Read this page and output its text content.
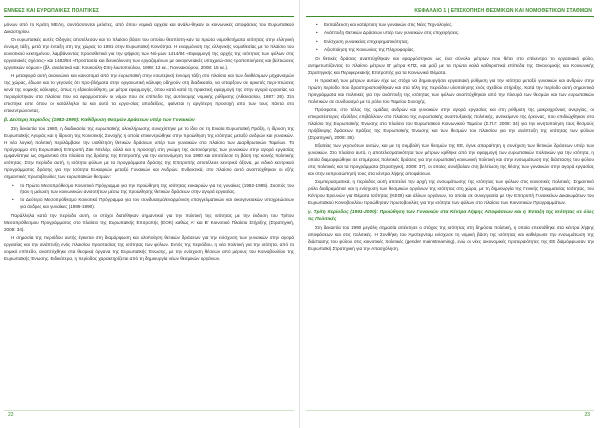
ΕΝΝΕΕΣ ΚΑΙ ΕΥΡΩΠΑΪΚΕΣ ΠΟΛΙΤΙΚΕΣ

μόνων από το Κράτη ΜΕΛη, συντάσσονται μελέτες, από όπου νομικά αρχεία και ανάλυ-θηκαν οι κοινωνικές αποφάσεις του Ευρωπαϊκού Δικαστηρίου.

Οι ευρωπαϊκές αυτές Οδηγίες αποτέλεσαν και το πλαίσιο βάσει του οποίου θεσπίστη-καν τα πρώτα νομοθετήματα ισότητας στην ελληνική έννομη τάξη, μετά την ένταξη στη της χώρας το 1981 στην Ευρωπαϊκή Κοινότητα. Η εναρμόνιση της ελληνικής νομοθεσίας με το πλαίσιο του κοινοτικού κεκτημένου, λαμβάνοντας προσοθετικά για την ψήφιση των Νό-μων 1414/84 «Εφαρμογή της αρχής της ισότητας των φύλων στις εργασιακές σχέσεις» και 1483/84 «Προστασία και διευκόλυνση των εργαζομένων με οικογενειακές υποχρεώ-σεις-τροποποιήσεις και βελτιώσεις εργατικών νόμων» (βλ. αναλυτικά και: Κουκούλη-Σπη-λιωτοπούλου, 1998: 13 κε., Γιαννακούρου, 2008: 15 κε.).

Η μεταφορά αυτή ανανεώνει και καινοτομεί από την ευρωπαϊκή στην εσωτερική έννομη τάξη στο πλαίσιο και των διαθέσιμων μηχανισμών της χώρας, έδωσε και το γεγονός ότι προ-βλήματα στην οργανωτική κάλυψη οδηγούν στη διαδικασία, να υπαρξουν σε αρκετές περι-πτώσεις κενά της νομικής κάλυψης, όπως η εξακολούθηση, με μέτρα εφαρμογής, όπου κατά κατά τη πρακτική εφαρμογή της στην αγορά εργασίας να περιορίστηκαν στα πλαίσια που να εφαρμοστούν οι νόμοι που σε επίπεδο της αυτόνομης νομικής ρύθμισης (Αθανασίου, 1987: 26). Στο επιστηκε ειπε όπου οι κατάλληλοι τα και αυτό τα εργα-σίας αποδείξεις, φαίνεται η αργότερη προσοχή απο των τους πάντα στο επικεντρώνοντας.

β. Δεύτερη περίοδος (1982-1990): Καθίδρυση Θεσμών Δράσεων υπέρ των Γυναικών

Στη δεκαετία του 1980, η διαδικασία της ευρωπαϊκής ολοκλήρωσης συνεχίστηκε με το ίδιο σε τη Ενιαία Ευρωπαϊκή Πράξη, η ίδρυση της Ευρωπαϊκής Αγοράς και η ίδρυση της Κοινοτικής Συνοχής η οποία επικεντρώθηκε στην προώθηση της ισότητας μεταξύ ανδρών και γυναικών. Η νέα λογική πολιτική περιλάμβανε την υιοθέτηση θετικών δράσεων υπέρ των γυναικών στο πλαίσιο των Διαρθρωτικών Ταμείων. Το πρόγραμμα στη Ευρωπαϊκή Επιτροπή Ζακ Ντελόρ, αλλά και η προσοχή στη γνώμη της αυτονόμησης των γυναικών στην αγορά εργασίας εμφανίστηκε ως σημαντικό στο πλαίσιο της δράσης της Επιτροπής για την αυτονόμηση του 1980 και αποτέλεσε τη βάση της κοινής πολιτικής ισότητας. Στην περίοδο αυτή, η ισότητα φύλων με τα προγράμματα δράσης της Επιτροπής αποτέλεσε κεντρικό άξονα, με ειδικό κεντρικού προγράμματος δράσης για την Ισότητα Ευκαιριών μεταξύ Γυναικών και Ανδρών. Ενδεικτικά, στο πλαίσιο αυτό αναπτύχθηκαν οι εξής σημαντικές πρωτοβουλίες των ευρωπαϊκών θεσμών:

• το Πρώτο Μεσοπρόθεσμο Κοινοτικό Πρόγραμμα για την προώθηση της ισότητας ευκαιριών για τις γυναίκες (1982-1985). Σκοπός του ήταν η μείωση των κοινωνικών ανισοτήτων μέσω της προώθησης θετικών δράσεων στην αγορά εργασίας.
• το Δεύτερο Μεσοπρόθεσμο Κοινοτικό Πρόγραμμα για τον συνδυασμό/εναρμόνιση επαγγελματικών και οικογενειακών υποχρεώσεων για άνδρες και γυναίκες (1986-1990).

Παράλληλα κατά την περίοδο αυτή, οι στόχοι διατέθηκαν σημαντικοί για την πολιτική της ισότητας με την έκδοση του Τρίτου Μεσοπρόθεσμου Προγράμματος στο πλαίσιο της Ευρωπαϊκής Επιτροπής (ΕΟΚ) καθώς Α' και Β' Κοινοτικό Πλαίσιο Στήριξης (Στρατηγική, 2008: 34).

Η σημασία της περιόδου αυτής έγκειται στη διαμόρφωση και υλοποίηση θετικών δράσεων για την ενίσχυση των γυναικών στην αγορά εργασίας και την ανάπτυξη ενός πλαισίου προστασίας της ισότητας των φύλων. Εντός της περιόδου, η νέα πολιτική για την ισότητα, από το νομικό επίπεδο, αναπτύχθηκε στα θεσμικά όργανα της Ευρωπαϊκής Ένωσης, με την ενίσχυση θέσεων από μέρους του Κοινοβουλίου της Ευρωπαϊκής Ένωσης. Ειδικότερα, η περίοδος χαρακτηρίζεται από τη δημιουργία νέων θεσμικών οργάνων.

22
ΚΕΦΑΛΑΙΟ 1 | ΕΠΙΣΚΟΠΗΣΗ ΘΕΣΜΙΚΩΝ ΚΑΙ ΝΟΜΟΘΕΤΙΚΩΝ ΣΤΑΘΜΩΝ
• Εκπαίδευση και κατάρτιση των γυναικών στις Νέες Τεχνολογίες.
• Ανάπτυξη Θετικών Δράσεων υπέρ των γυναικών στις επιχειρήσεις.
• Ενίσχυση γυναικείας επιχειρηματικότητας.
• Αξιοποίηση της Κοινωνίας της Πληροφορίας.

Οι θετικές δράσεις αναπτύχθηκαν και εφαρμόστηκαν ως ένα σύνολο μέτρων που θέτει στο επίκεντρο το εργασιακό φύλο, αντιμετωπίζοντας το πλαίσιο μέτρων Β’ μέτρα ΚΠΣ, και μαζί με τα πρώτα καλά καθοριστικά επίπεδα της Οικονομικής και Κοινωνικής Στρατηγικής και Περιφερειακής Επιτροπής για τα Κοινωνικά Θέματα.

Η πρακτική των μέτρων αυτών είχε ως στόχο να δημιουργήσει εργασιακή ρύθμιση για την ισότητα μεταξύ γυναικών και ανδρών στην πρώτη περίοδο που δραστηριοποιήθηκαν και στα τέλη της περιόδου υλοποίησης ενός σχεδίου στήριξης. Κατά την περίοδο αυτή σημαντικά προγράμματα και πολιτικές για την ανάπτυξη της ισότητας των φύλων αναπτύχθηκαν από την πλευρά των θεσμών και των ευρωπαϊκών πολιτικών σε συνδυασμό με το ρόλο του Ταμείου Συνοχής.

Πρόσφατα, στο τέλος της ομάδας ανδρών και γυναικών στην αγορά εργασίας και στη ρύθμιση της μακροχρόνιας ανεργίας, οι επικρατέστερες εξελίξεις επιβάλλουν στο πλαίσιο της ευρωπαϊκής αναπτυξιακής πολιτικής, αντικείμενο της έρευνας, που επιδιώχθηκαν στο πλαίσιο της Ευρωπαϊκής Ένωσης στο πλαίσιο του Ευρωπαϊκού Κοινωνικού Ταμείου (Σ.Π.Γ. 2008: 34) για την κινητοποίηση τους θεσμούς πρόβλεψης δράσεων πράξεις της Ευρωπαϊκής Ένωσης και των θεσμών του πλαισίου για την ανάπτυξη της ισότητας των φύλων (Στρατηγική, 2008: 36).

Εξαιτίας των γεγονότων αυτών, και με τη συμβολή των θεσμών της ΕΕ, έγινε απαραίτητη η συνέχιση των θετικών δράσεων υπέρ των γυναικών. Στο πλαίσιο αυτό, η αποτελεσματικότητα των μέτρων κρίθηκε από την εφαρμογή των ευρωπαϊκών πολιτικών για την ισότητα, η οποία διαμορφώθηκε σε επιμέρους πολιτικές δράσεις για την ευρωπαϊκή κοινωνική πολιτική και στην ενσωμάτωση της διάστασης του φύλου στις πολιτικές και τα προγράμματα (Στρατηγική, 2008: 37), οι οποίες συνέβαλαν στη βελτίωση της θέσης των γυναικών στην αγορά εργασίας και στην εκπροσώπησή τους στα κέντρα λήψης αποφάσεων.

Συμπερασματικά, η περίοδος αυτή αποτελεί την αρχή της ενσωμάτωσης της ισότητας των φύλων στις κοινοτικές πολιτικές. Σημαντικό ρόλο διαδραμάτισε και η ενίσχυση των θεσμικών οργάνων της ισότητας στη χώρα, με τη δημιουργία της Γενικής Γραμματείας Ισότητας, του Κέντρου Ερευνών για Θέματα Ισότητας (ΚΕΘΙ) και άλλων οργάνων, τα οποία σε συνεργασία με την Επιτροπή Γυναικείων Δικαιωμάτων του Ευρωπαϊκού Κοινοβουλίου προώθησαν πρωτοβουλίες για την ισότητα των φύλων στο πλαίσιο των Κοινοτικών Προγραμμάτων.

γ. Τρίτη περίοδος (1991-2000): Προώθηση των Γυναικών στα Κέντρα Λήψης Αποφάσεων και η Ένταξη της Ισότητας σε όλες τις Πολιτικές

Στη δεκαετία του 1990 μεγάλη σημασία απέκτησε ο στόχος της ισότητας στη δημόσια πολιτική, η οποία επεκτάθηκε στα κέντρα λήψης αποφάσεων και στις πολιτικές. Η Συνθήκη του Άμστερνταμ ενίσχυσε τη νομική βάση της ισότητας και καθιέρωσε την ενσωμάτωση της διάστασης του φύλου στις κοινοτικές πολιτικές (gender mainstreaming), ενώ οι νέες οικονομικές προτεραιότητες της ΕΕ διαμόρφωσαν την Ευρωπαϊκή Στρατηγική για την Απασχόληση.

23
